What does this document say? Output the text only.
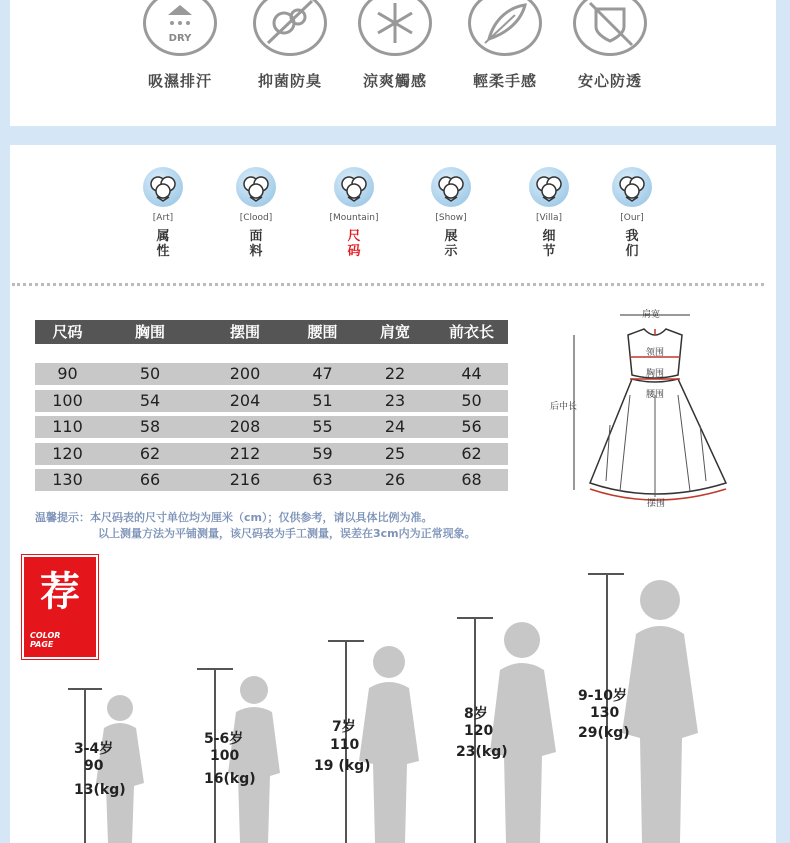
DRY
吸濕排汗	抑菌防臭	涼爽觸感	輕柔手感	安心防透
[Art]
属性
[Clood]
面料
[Mountain]
尺码
[Show]
展示
[Villa]
细节
[Our]
我们
尺码	胸围	摆围	腰围	肩宽	前衣长
90	50	200	47	22	44
100	54	204	51	23	50
110	58	208	55	24	56
120	62	212	59	25	62
130	66	216	63	26	68
温馨提示：本尺码表的尺寸单位均为厘米（cm）；仅供参考，请以具体比例为准。
以上测量方法为平铺测量，该尺码表为手工测量，误差在3cm内为正常现象。
肩宽
领围
胸围
腰围
后中长
摆围
荐
COLOR
PAGE
3-4岁
90
13(kg)
5-6岁
100
16(kg)
7岁
110
19 (kg)
8岁
120
23(kg)
9-10岁
130
29(kg)
